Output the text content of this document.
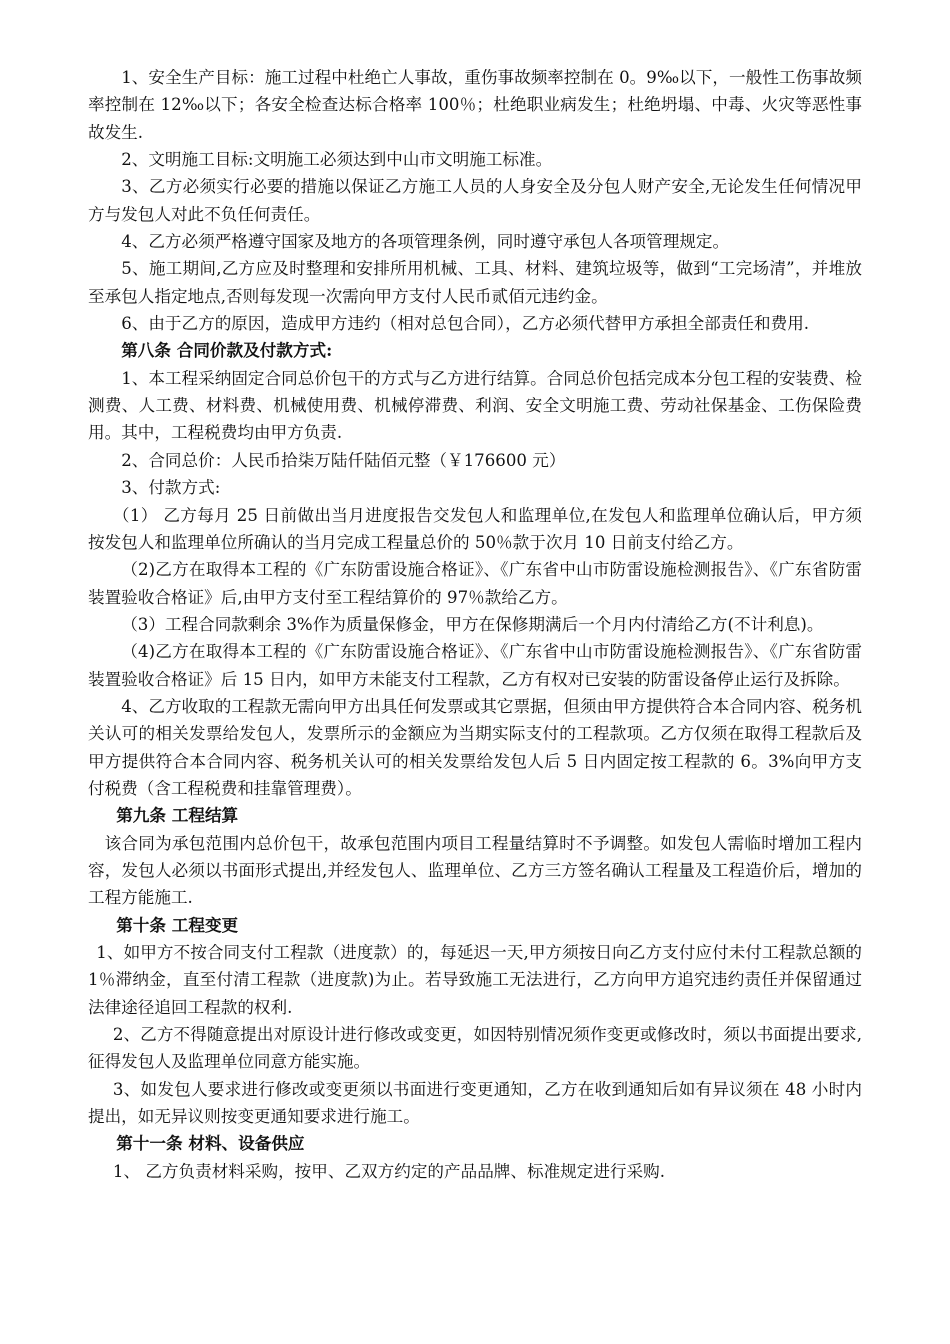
1、安全生产目标：施工过程中杜绝亡人事故，重伤事故频率控制在 0。9‰以下，一般性工伤事故频率控制在 12‰以下；各安全检查达标合格率 100％；杜绝职业病发生；杜绝坍塌、中毒、火灾等恶性事故发生.

2、文明施工目标:文明施工必须达到中山市文明施工标准。

3、乙方必须实行必要的措施以保证乙方施工人员的人身安全及分包人财产安全,无论发生任何情况甲方与发包人对此不负任何责任。

4、乙方必须严格遵守国家及地方的各项管理条例，同时遵守承包人各项管理规定。

5、施工期间,乙方应及时整理和安排所用机械、工具、材料、建筑垃圾等，做到“工完场清”，并堆放至承包人指定地点,否则每发现一次需向甲方支付人民币贰佰元违约金。

6、由于乙方的原因，造成甲方违约（相对总包合同），乙方必须代替甲方承担全部责任和费用.

第八条 合同价款及付款方式:

1、本工程采纳固定合同总价包干的方式与乙方进行结算。合同总价包括完成本分包工程的安装费、检测费、人工费、材料费、机械使用费、机械停滞费、利润、安全文明施工费、劳动社保基金、工伤保险费用。其中，工程税费均由甲方负责.

2、合同总价：人民币拾柒万陆仟陆佰元整（￥176600 元）

3、付款方式:

（1） 乙方每月 25 日前做出当月进度报告交发包人和监理单位,在发包人和监理单位确认后，甲方须按发包人和监理单位所确认的当月完成工程量总价的 50％款于次月 10 日前支付给乙方。

（2)乙方在取得本工程的《广东防雷设施合格证》、《广东省中山市防雷设施检测报告》、《广东省防雷装置验收合格证》后,由甲方支付至工程结算价的 97％款给乙方。

（3）工程合同款剩余 3%作为质量保修金，甲方在保修期满后一个月内付清给乙方(不计利息)。

（4)乙方在取得本工程的《广东防雷设施合格证》、《广东省中山市防雷设施检测报告》、《广东省防雷装置验收合格证》后 15 日内，如甲方未能支付工程款，乙方有权对已安装的防雷设备停止运行及拆除。

4、乙方收取的工程款无需向甲方出具任何发票或其它票据，但须由甲方提供符合本合同内容、税务机关认可的相关发票给发包人，发票所示的金额应为当期实际支付的工程款项。乙方仅须在取得工程款后及甲方提供符合本合同内容、税务机关认可的相关发票给发包人后 5 日内固定按工程款的 6。3%向甲方支付税费（含工程税费和挂靠管理费）。

第九条 工程结算

该合同为承包范围内总价包干，故承包范围内项目工程量结算时不予调整。如发包人需临时增加工程内容，发包人必须以书面形式提出,并经发包人、监理单位、乙方三方签名确认工程量及工程造价后，增加的工程方能施工.

第十条 工程变更

1、如甲方不按合同支付工程款（进度款）的，每延迟一天,甲方须按日向乙方支付应付未付工程款总额的 1％滞纳金，直至付清工程款（进度款)为止。若导致施工无法进行，乙方向甲方追究违约责任并保留通过法律途径追回工程款的权利.

2、乙方不得随意提出对原设计进行修改或变更，如因特别情况须作变更或修改时，须以书面提出要求,征得发包人及监理单位同意方能实施。

3、如发包人要求进行修改或变更须以书面进行变更通知，乙方在收到通知后如有异议须在 48 小时内提出，如无异议则按变更通知要求进行施工。

第十一条 材料、设备供应

1、 乙方负责材料采购，按甲、乙双方约定的产品品牌、标准规定进行采购.
